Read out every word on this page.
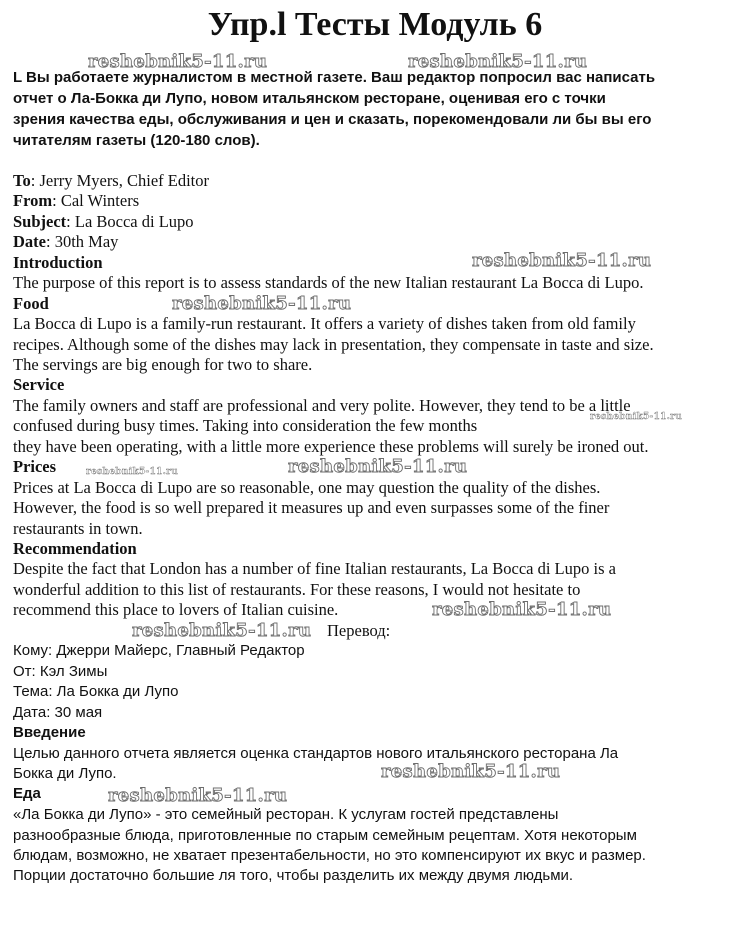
Упр.l Тесты Модуль 6
L Вы работаете журналистом в местной газете. Ваш редактор попросил вас написать
отчет о Ла-Бокка ди Лупо, новом итальянском ресторане, оценивая его с точки
зрения качества еды, обслуживания и цен и сказать, порекомендовали ли бы вы его
читателям газеты (120-180 слов).
To: Jerry Myers, Chief Editor
From: Cal Winters
Subject: La Bocca di Lupo
Date: 30th May
Introduction
The purpose of this report is to assess standards of the new Italian restaurant La Bocca di Lupo.
Food
La Bocca di Lupo is a family-run restaurant. It offers a variety of dishes taken from old family
recipes. Although some of the dishes may lack in presentation, they compensate in taste and size.
The servings are big enough for two to share.
Service
The family owners and staff are professional and very polite. However, they tend to be a little
confused during busy times. Taking into consideration the few months
they have been operating, with a little more experience these problems will surely be ironed out.
Prices
Prices at La Bocca di Lupo are so reasonable, one may question the quality of the dishes.
However, the food is so well prepared it measures up and even surpasses some of the finer
restaurants in town.
Recommendation
Despite the fact that London has a number of fine Italian restaurants, La Bocca di Lupo is a
wonderful addition to this list of restaurants. For these reasons, I would not hesitate to
recommend this place to lovers of Italian cuisine.
Перевод:
Кому: Джерри Майерс, Главный Редактор
От: Кэл Зимы
Тема: Ла Бокка ди Лупо
Дата: 30 мая
Введение
Целью данного отчета является оценка стандартов нового итальянского ресторана Ла
Бокка ди Лупо.
Еда
«Ла Бокка ди Лупо» - это семейный ресторан. К услугам гостей представлены
разнообразные блюда, приготовленные по старым семейным рецептам. Хотя некоторым
блюдам, возможно, не хватает презентабельности, но это компенсируют их вкус и размер.
Порции достаточно большие ля того, чтобы разделить их между двумя людьми.
reshebnik5-11.ru	reshebnik5-11.ru
reshebnik5-11.ru
reshebnik5-11.ru
reshebnik5-11.ru
reshebnik5-11.ru	reshebnik5-11.ru
reshebnik5-11.ru
reshebnik5-11.ru
reshebnik5-11.ru
reshebnik5-11.ru
